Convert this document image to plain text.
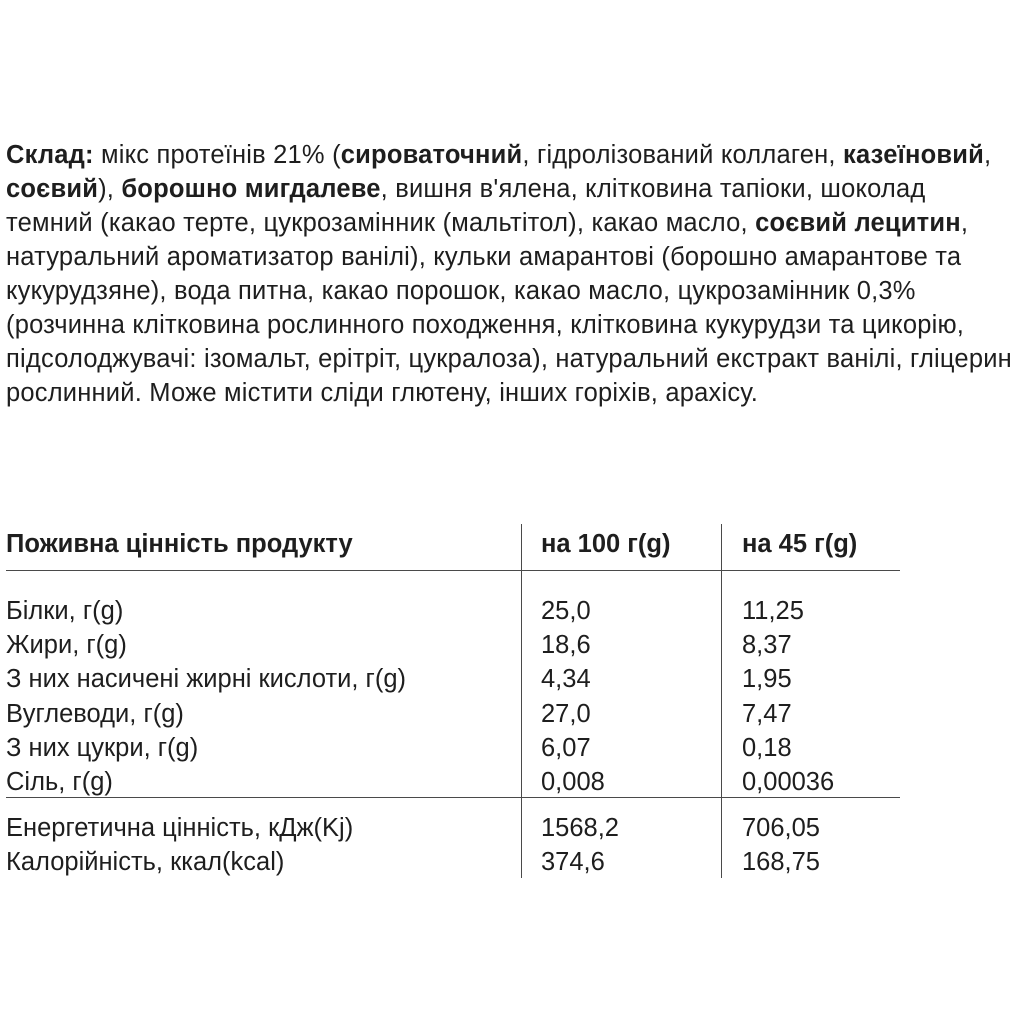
Склад: мікс протеїнів 21% (сироваточний, гідролізований коллаген, казеїновий, соєвий), борошно мигдалеве, вишня в'ялена, клітковина тапіоки, шоколад темний (какао терте, цукрозамінник (мальтітол), какао масло, соєвий лецитин, натуральний ароматизатор ванілі), кульки амарантові (борошно амарантове та кукурудзяне), вода питна, какао порошок, какао масло, цукрозамінник 0,3% (розчинна клітковина рослинного походження, клітковина кукурудзи та цикорію, підсолоджувачі: ізомальт, ерітріт, цукралоза), натуральний екстракт ванілі, гліцерин рослинний. Може містити сліди глютену, інших горіхів, арахісу.
Поживна цінність продукту	на 100 г(g)	на 45 г(g)
Білки, г(g)	25,0	11,25
Жири, г(g)	18,6	8,37
З них насичені жирні кислоти, г(g)	4,34	1,95
Вуглеводи, г(g)	27,0	7,47
З них цукри, г(g)	6,07	0,18
Сіль, г(g)	0,008	0,00036
Енергетична цінність, кДж(Kj)	1568,2	706,05
Калорійність, ккал(kcal)	374,6	168,75
